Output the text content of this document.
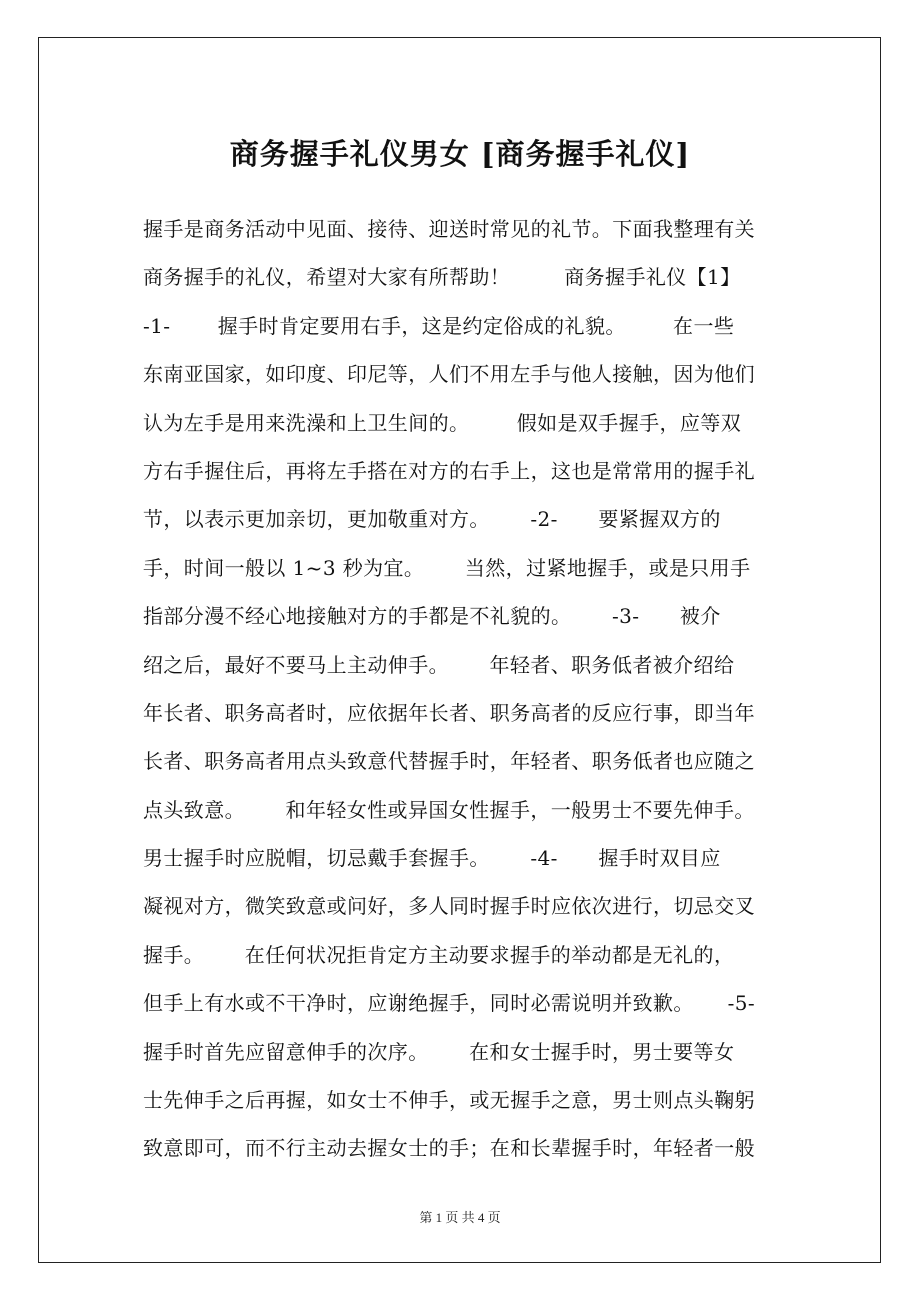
商务握手礼仪男女 [商务握手礼仪]
握手是商务活动中见面、接待、迎送时常见的礼节。下面我整理有关
商务握手的礼仪，希望对大家有所帮助！        商务握手礼仪【1】
-1-       握手时肯定要用右手，这是约定俗成的礼貌。       在一些
东南亚国家，如印度、印尼等，人们不用左手与他人接触，因为他们
认为左手是用来洗澡和上卫生间的。       假如是双手握手，应等双
方右手握住后，再将左手搭在对方的右手上，这也是常常用的握手礼
节，以表示更加亲切，更加敬重对方。      -2-      要紧握双方的
手，时间一般以 1~3 秒为宜。      当然，过紧地握手，或是只用手
指部分漫不经心地接触对方的手都是不礼貌的。      -3-      被介
绍之后，最好不要马上主动伸手。      年轻者、职务低者被介绍给
年长者、职务高者时，应依据年长者、职务高者的反应行事，即当年
长者、职务高者用点头致意代替握手时，年轻者、职务低者也应随之
点头致意。      和年轻女性或异国女性握手，一般男士不要先伸手。
男士握手时应脱帽，切忌戴手套握手。      -4-      握手时双目应
凝视对方，微笑致意或问好，多人同时握手时应依次进行，切忌交叉
握手。      在任何状况拒肯定方主动要求握手的举动都是无礼的，
但手上有水或不干净时，应谢绝握手，同时必需说明并致歉。     -5-
握手时首先应留意伸手的次序。      在和女士握手时，男士要等女
士先伸手之后再握，如女士不伸手，或无握手之意，男士则点头鞠躬
致意即可，而不行主动去握女士的手；在和长辈握手时，年轻者一般
第 1 页 共 4 页
